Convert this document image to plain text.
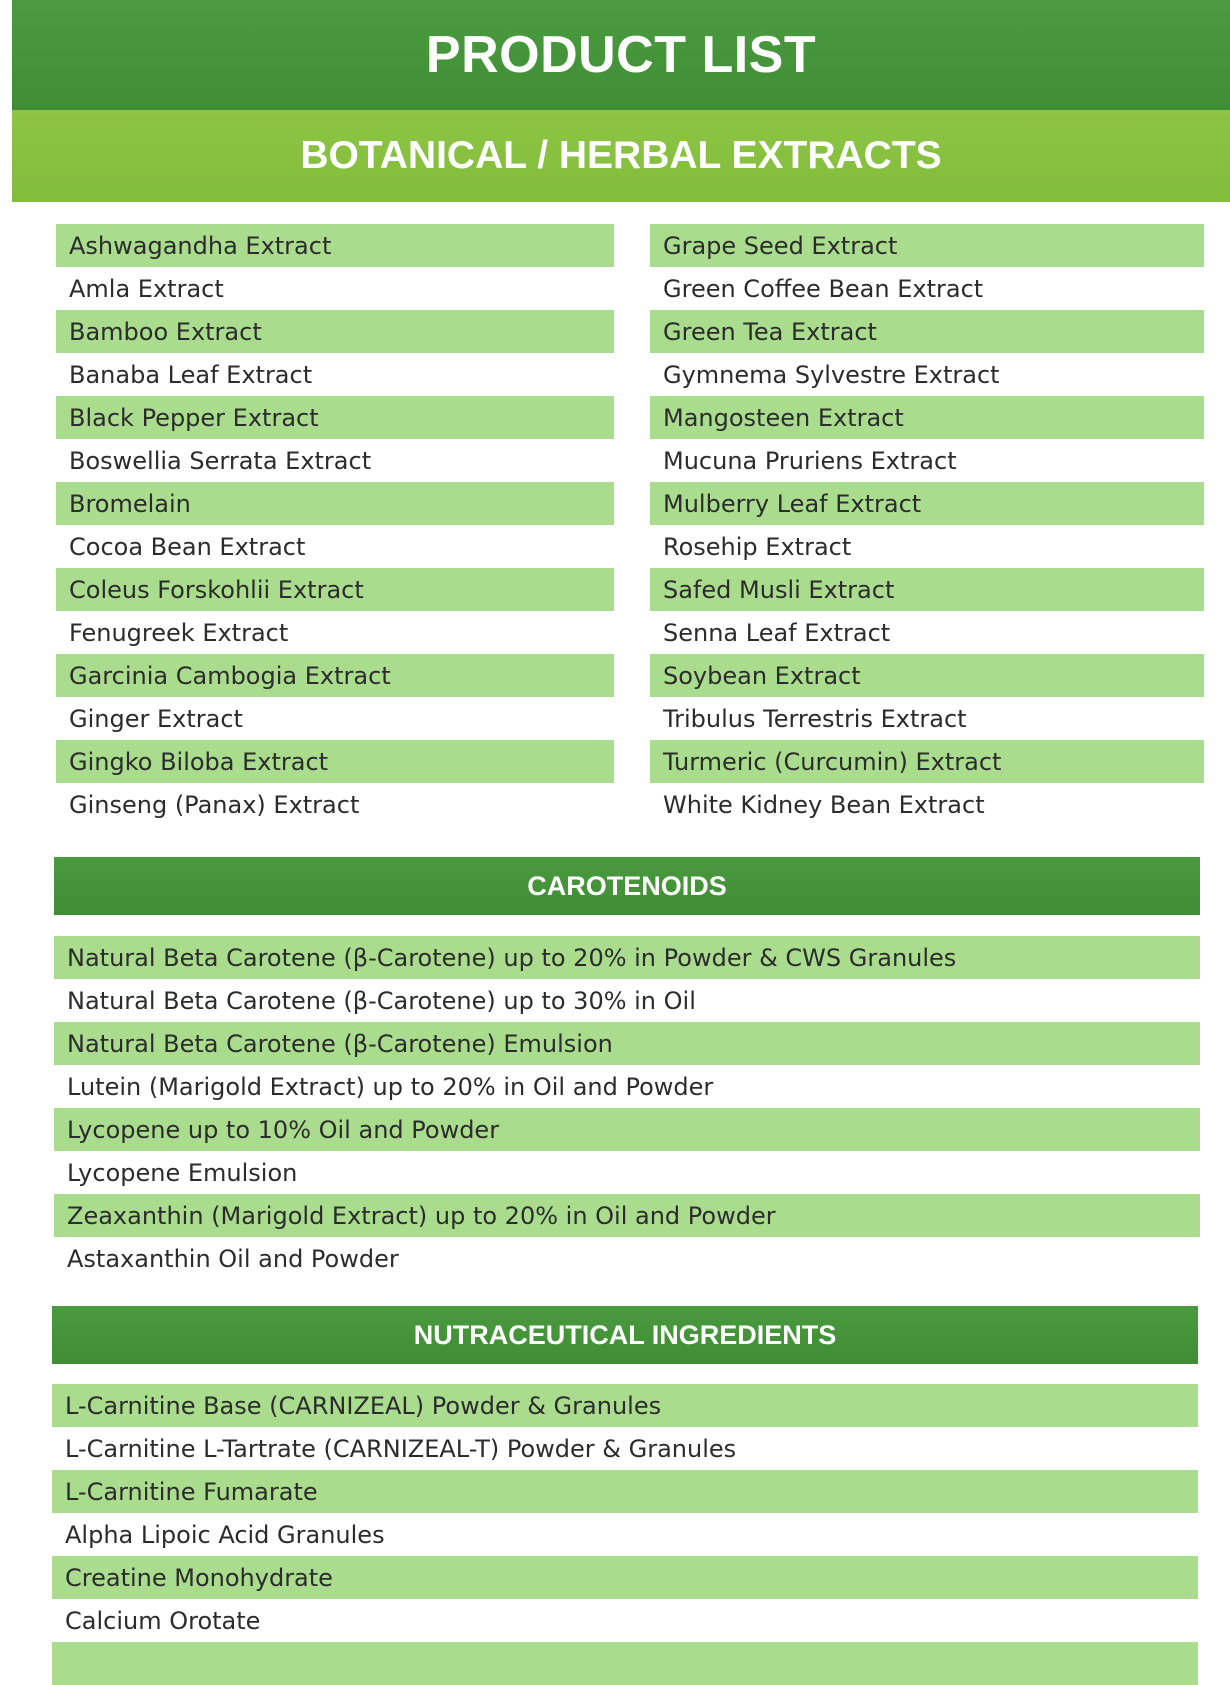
PRODUCT LIST
BOTANICAL / HERBAL EXTRACTS
Ashwagandha Extract
Amla Extract
Bamboo Extract
Banaba Leaf Extract
Black Pepper Extract
Boswellia Serrata Extract
Bromelain
Cocoa Bean Extract
Coleus Forskohlii Extract
Fenugreek Extract
Garcinia Cambogia Extract
Ginger Extract
Gingko Biloba Extract
Ginseng (Panax) Extract
Grape Seed Extract
Green Coffee Bean Extract
Green Tea Extract
Gymnema Sylvestre Extract
Mangosteen Extract
Mucuna Pruriens Extract
Mulberry Leaf Extract
Rosehip Extract
Safed Musli Extract
Senna Leaf Extract
Soybean Extract
Tribulus Terrestris Extract
Turmeric (Curcumin) Extract
White Kidney Bean Extract
CAROTENOIDS
Natural Beta Carotene (β-Carotene) up to 20% in Powder & CWS Granules
Natural Beta Carotene (β-Carotene) up to 30% in Oil
Natural Beta Carotene (β-Carotene) Emulsion
Lutein (Marigold Extract) up to 20% in Oil and Powder
Lycopene up to 10% Oil and Powder
Lycopene Emulsion
Zeaxanthin (Marigold Extract) up to 20% in Oil and Powder
Astaxanthin Oil and Powder
NUTRACEUTICAL INGREDIENTS
L-Carnitine Base (CARNIZEAL) Powder & Granules
L-Carnitine L-Tartrate (CARNIZEAL-T) Powder & Granules
L-Carnitine Fumarate
Alpha Lipoic Acid Granules
Creatine Monohydrate
Calcium Orotate
